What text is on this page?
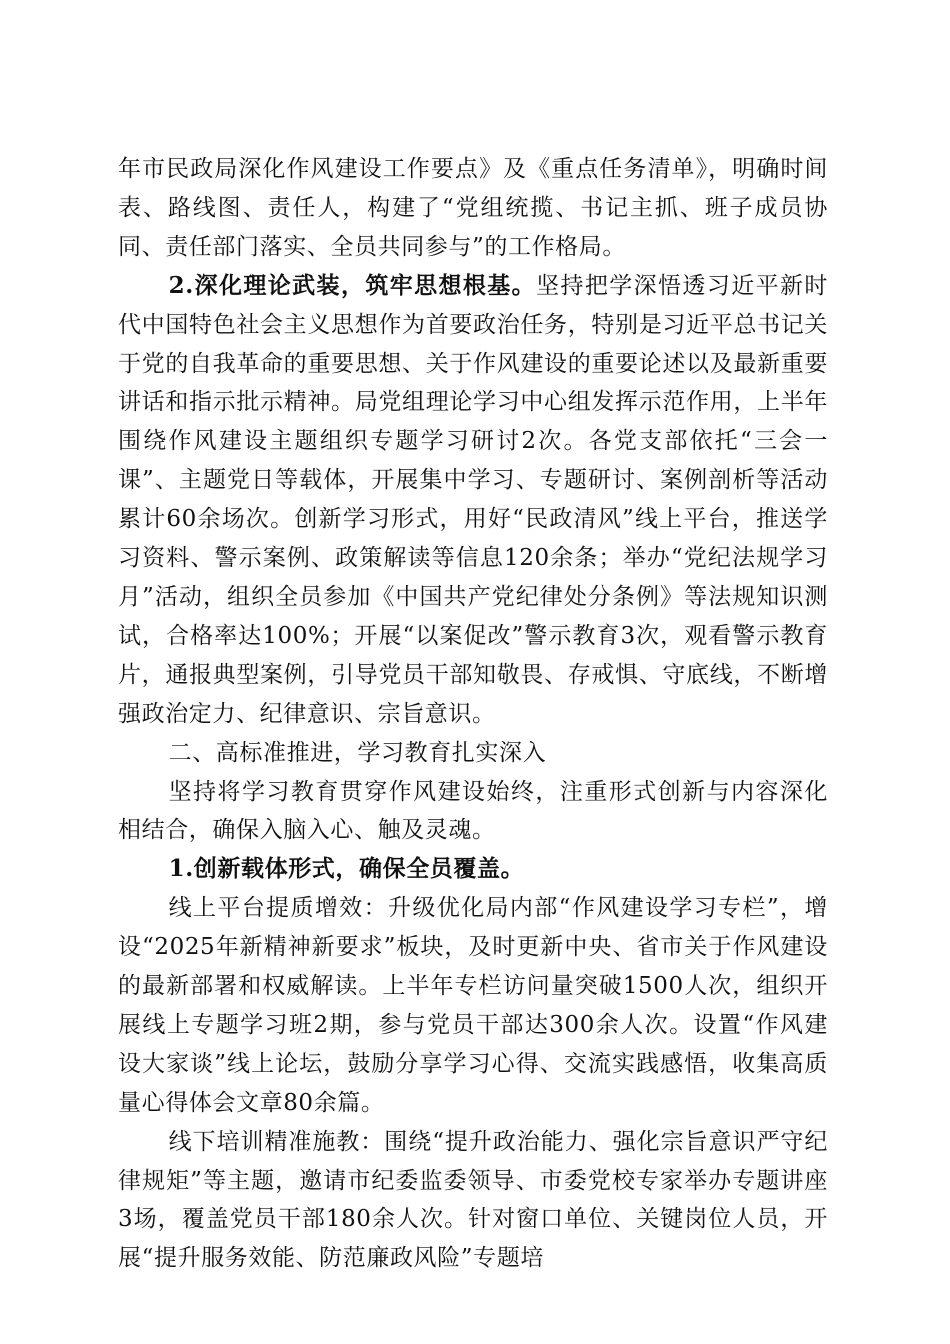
年市民政局深化作风建设工作要点》及《重点任务清单》，明确时间表、路线图、责任人，构建了“党组统揽、书记主抓、班子成员协同、责任部门落实、全员共同参与”的工作格局。

2.深化理论武装，筑牢思想根基。坚持把学深悟透习近平新时代中国特色社会主义思想作为首要政治任务，特别是习近平总书记关于党的自我革命的重要思想、关于作风建设的重要论述以及最新重要讲话和指示批示精神。局党组理论学习中心组发挥示范作用，上半年围绕作风建设主题组织专题学习研讨2次。各党支部依托“三会一课”、主题党日等载体，开展集中学习、专题研讨、案例剖析等活动累计60余场次。创新学习形式，用好“民政清风”线上平台，推送学习资料、警示案例、政策解读等信息120余条；举办“党纪法规学习月”活动，组织全员参加《中国共产党纪律处分条例》等法规知识测试，合格率达100%；开展“以案促改”警示教育3次，观看警示教育片，通报典型案例，引导党员干部知敬畏、存戒惧、守底线，不断增强政治定力、纪律意识、宗旨意识。

二、高标准推进，学习教育扎实深入

坚持将学习教育贯穿作风建设始终，注重形式创新与内容深化相结合，确保入脑入心、触及灵魂。

1.创新载体形式，确保全员覆盖。

线上平台提质增效：升级优化局内部“作风建设学习专栏”，增设“2025年新精神新要求”板块，及时更新中央、省市关于作风建设的最新部署和权威解读。上半年专栏访问量突破1500人次，组织开展线上专题学习班2期，参与党员干部达300余人次。设置“作风建设大家谈”线上论坛，鼓励分享学习心得、交流实践感悟，收集高质量心得体会文章80余篇。

线下培训精准施教：围绕“提升政治能力、强化宗旨意识严守纪律规矩”等主题，邀请市纪委监委领导、市委党校专家举办专题讲座3场，覆盖党员干部180余人次。针对窗口单位、关键岗位人员，开展“提升服务效能、防范廉政风险”专题培
